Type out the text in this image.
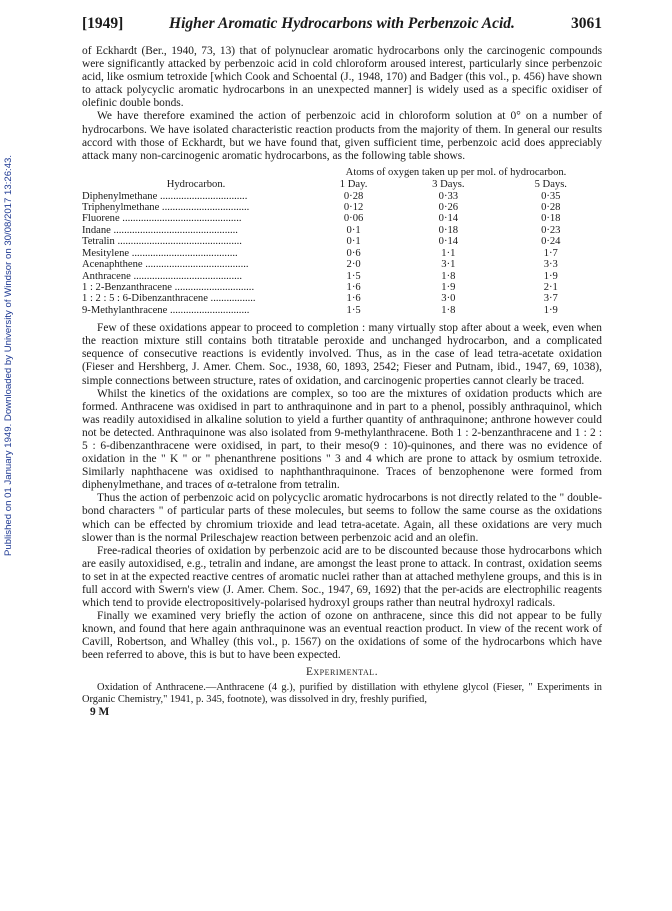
Published on 01 January 1949. Downloaded by University of Windsor on 30/08/2017 13:26:43.
[1949]	Higher Aromatic Hydrocarbons with Perbenzoic Acid.	3061

of Eckhardt (Ber., 1940, 73, 13) that of polynuclear aromatic hydrocarbons only the carcinogenic compounds were significantly attacked by perbenzoic acid in cold chloroform aroused interest, particularly since perbenzoic acid, like osmium tetroxide [which Cook and Schoental (J., 1948, 170) and Badger (this vol., p. 456) have shown to attack polycyclic aromatic hydrocarbons in an unexpected manner] is widely used as a specific oxidiser of olefinic double bonds.

We have therefore examined the action of perbenzoic acid in chloroform solution at 0° on a number of hydrocarbons. We have isolated characteristic reaction products from the majority of them. In general our results accord with those of Eckhardt, but we have found that, given sufficient time, perbenzoic acid does appreciably attack many non-carcinogenic aromatic hydrocarbons, as the following table shows.

	Atoms of oxygen taken up per mol. of hydrocarbon.		
Hydrocarbon.	1 Day.	3 Days.	5 Days.
Diphenylmethane .................................	0·28	0·33	0·35
Triphenylmethane .................................	0·12	0·26	0·28
Fluorene .............................................	0·06	0·14	0·18
Indane ...............................................	0·1	0·18	0·23
Tetralin ...............................................	0·1	0·14	0·24
Mesitylene ........................................	0·6	1·1	1·7
Acenaphthene .......................................	2·0	3·1	3·3
Anthracene .........................................	1·5	1·8	1·9
1 : 2-Benzanthracene ..............................	1·6	1·9	2·1
1 : 2 : 5 : 6-Dibenzanthracene .................	1·6	3·0	3·7
9-Methylanthracene ..............................	1·5	1·8	1·9

Few of these oxidations appear to proceed to completion : many virtually stop after about a week, even when the reaction mixture still contains both titratable peroxide and unchanged hydrocarbon, and a complicated sequence of consecutive reactions is evidently involved. Thus, as in the case of lead tetra-acetate oxidation (Fieser and Hershberg, J. Amer. Chem. Soc., 1938, 60, 1893, 2542; Fieser and Putnam, ibid., 1947, 69, 1038), simple connections between structure, rates of oxidation, and carcinogenic properties cannot clearly be traced.

Whilst the kinetics of the oxidations are complex, so too are the mixtures of oxidation products which are formed. Anthracene was oxidised in part to anthraquinone and in part to a phenol, possibly anthraquinol, which was readily autoxidised in alkaline solution to yield a further quantity of anthraquinone; anthrone however could not be detected. Anthraquinone was also isolated from 9-methylanthracene. Both 1 : 2-benzanthracene and 1 : 2 : 5 : 6-dibenzanthracene were oxidised, in part, to their meso(9 : 10)-quinones, and there was no evidence of oxidation in the " K " or " phenanthrene positions " 3 and 4 which are prone to attack by osmium tetroxide. Similarly naphthacene was oxidised to naphthanthraquinone. Traces of benzophenone were formed from diphenylmethane, and traces of α-tetralone from tetralin.

Thus the action of perbenzoic acid on polycyclic aromatic hydrocarbons is not directly related to the " double-bond characters " of particular parts of these molecules, but seems to follow the same course as the oxidations which can be effected by chromium trioxide and lead tetra-acetate. Again, all these oxidations are very much slower than is the normal Prileschajew reaction between perbenzoic acid and an olefin.

Free-radical theories of oxidation by perbenzoic acid are to be discounted because those hydrocarbons which are easily autoxidised, e.g., tetralin and indane, are amongst the least prone to attack. In contrast, oxidation seems to set in at the expected reactive centres of aromatic nuclei rather than at attached methylene groups, and this is in full accord with Swern's view (J. Amer. Chem. Soc., 1947, 69, 1692) that the per-acids are electrophilic reagents which tend to provide electropositively-polarised hydroxyl groups rather than neutral hydroxyl radicals.

Finally we examined very briefly the action of ozone on anthracene, since this did not appear to be fully known, and found that here again anthraquinone was an eventual reaction product. In view of the recent work of Cavill, Robertson, and Whalley (this vol., p. 1567) on the oxidations of some of the hydrocarbons which have been referred to above, this is but to have been expected.

Experimental.

Oxidation of Anthracene.—Anthracene (4 g.), purified by distillation with ethylene glycol (Fieser, " Experiments in Organic Chemistry," 1941, p. 345, footnote), was dissolved in dry, freshly purified,

9 M
